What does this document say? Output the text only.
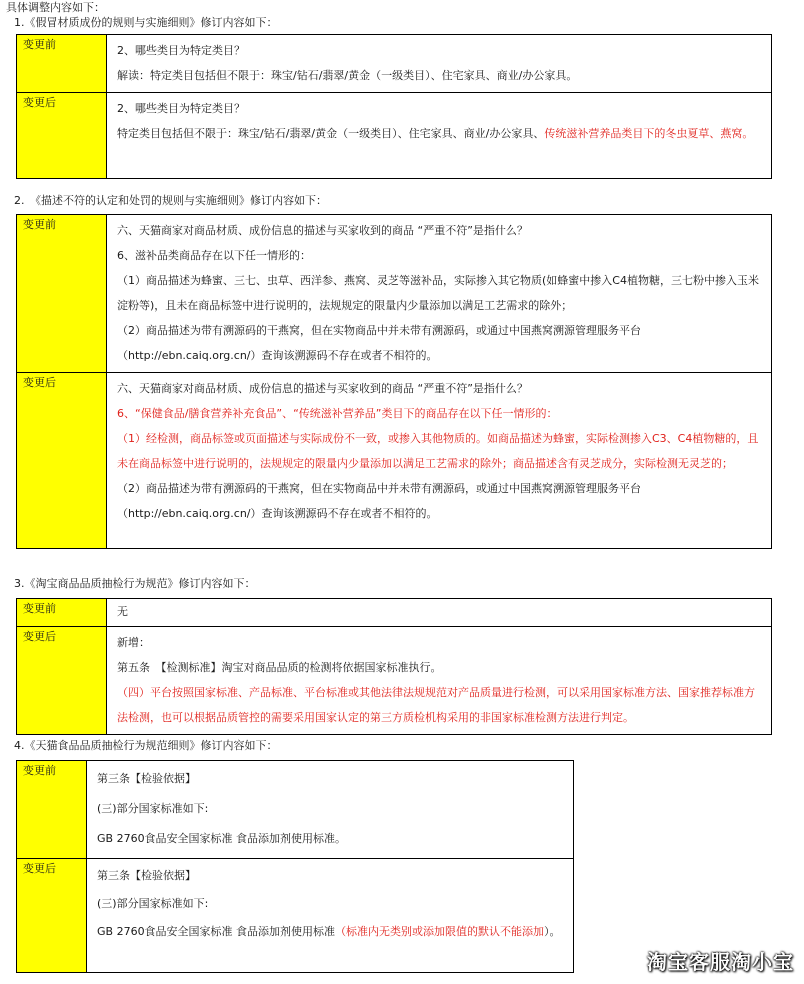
具体调整内容如下：
1.《假冒材质成份的规则与实施细则》修订内容如下：
变更前	2、哪些类目为特定类目？

解读：特定类目包括但不限于：珠宝/钻石/翡翠/黄金（一级类目）、住宅家具、商业/办公家具。

变更后	2、哪些类目为特定类目？

特定类目包括但不限于：珠宝/钻石/翡翠/黄金（一级类目）、住宅家具、商业/办公家具、传统滋补营养品类目下的冬虫夏草、燕窝。

2.　《描述不符的认定和处罚的规则与实施细则》修订内容如下：
变更前	六、天猫商家对商品材质、成份信息的描述与买家收到的商品 “严重不符”是指什么？

6、滋补品类商品存在以下任一情形的：

（1）商品描述为蜂蜜、三七、虫草、西洋参、燕窝、灵芝等滋补品，实际掺入其它物质(如蜂蜜中掺入C4植物糖，三七粉中掺入玉米淀粉等)，且未在商品标签中进行说明的，法规规定的限量内少量添加以满足工艺需求的除外；

（2）商品描述为带有溯源码的干燕窝，但在实物商品中并未带有溯源码，或通过中国燕窝溯源管理服务平台（http://ebn.caiq.org.cn/）查询该溯源码不存在或者不相符的。

变更后	六、天猫商家对商品材质、成份信息的描述与买家收到的商品 “严重不符”是指什么？

6、“保健食品/膳食营养补充食品”、“传统滋补营养品”类目下的商品存在以下任一情形的：

（1）经检测，商品标签或页面描述与实际成份不一致，或掺入其他物质的。如商品描述为蜂蜜，实际检测掺入C3、C4植物糖的，且未在商品标签中进行说明的，法规规定的限量内少量添加以满足工艺需求的除外；商品描述含有灵芝成分，实际检测无灵芝的；

（2）商品描述为带有溯源码的干燕窝，但在实物商品中并未带有溯源码，或通过中国燕窝溯源管理服务平台（http://ebn.caiq.org.cn/）查询该溯源码不存在或者不相符的。

3.《淘宝商品品质抽检行为规范》修订内容如下：
变更前	无

变更后	新增：

第五条　【检测标准】淘宝对商品品质的检测将依据国家标准执行。

（四）平台按照国家标准、产品标准、平台标准或其他法律法规规范对产品质量进行检测，可以采用国家标准方法、国家推荐标准方法检测，也可以根据品质管控的需要采用国家认定的第三方质检机构采用的非国家标准检测方法进行判定。

4.《天猫食品品质抽检行为规范细则》修订内容如下：
变更前	第三条【检验依据】

(三)部分国家标准如下:

GB 2760食品安全国家标准 食品添加剂使用标准。

变更后	第三条【检验依据】

(三)部分国家标准如下:

GB 2760食品安全国家标准 食品添加剂使用标准（标准内无类别或添加限值的默认不能添加）。

淘宝客服淘小宝
